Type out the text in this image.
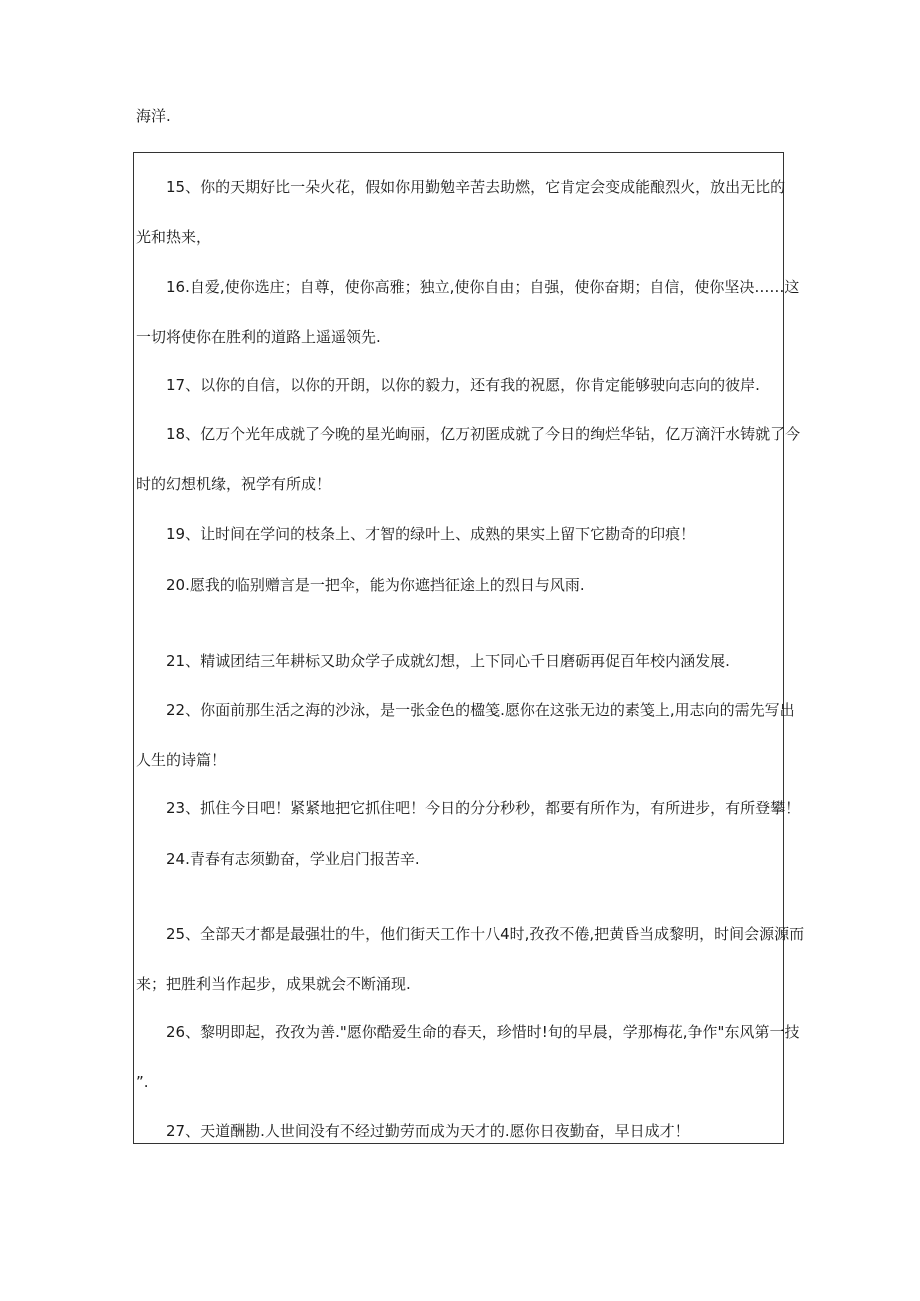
海洋.
15、你的天期好比一朵火花，假如你用勤勉辛苦去助燃，它肯定会变成能酿烈火，放出无比的
光和热来，
16.自爱,使你选庄；自尊，使你高雅；独立,使你自由；自强，使你奋期；自信，使你坚决……这
一切将使你在胜利的道路上遥遥领先.
17、以你的自信，以你的开朗，以你的毅力，还有我的祝愿，你肯定能够驶向志向的彼岸.
18、亿万个光年成就了今晚的星光峋丽，亿万初匿成就了今日的绚烂华钻，亿万滴汗水铸就了今
时的幻想机缘，祝学有所成！
19、让时间在学问的枝条上、才智的绿叶上、成熟的果实上留下它勘奇的印痕！
20.愿我的临别赠言是一把伞，能为你遮挡征途上的烈日与风雨.
21、精诚团结三年耕标又助众学子成就幻想，上下同心千日磨砺再促百年校内涵发展.
22、你面前那生活之海的沙泳，是一张金色的楹笺.愿你在这张无边的素笺上,用志向的需先写出
人生的诗篇！
23、抓住今日吧！紧紧地把它抓住吧！今日的分分秒秒，都要有所作为，有所进步，有所登攀！
24.青春有志须勤奋，学业启门报苦辛.
25、全部天才都是最强壮的牛，他们街天工作十八4时,孜孜不倦,把黄昏当成黎明，时间会源源而
来；把胜利当作起步，成果就会不断涌现.
26、黎明即起，孜孜为善."愿你酷爱生命的春天，珍惜时!旬的早晨，学那梅花,争作"东风第一技
”.
27、天道酬勘.人世间没有不经过勤劳而成为天才的.愿你日夜勤奋，早日成才！
